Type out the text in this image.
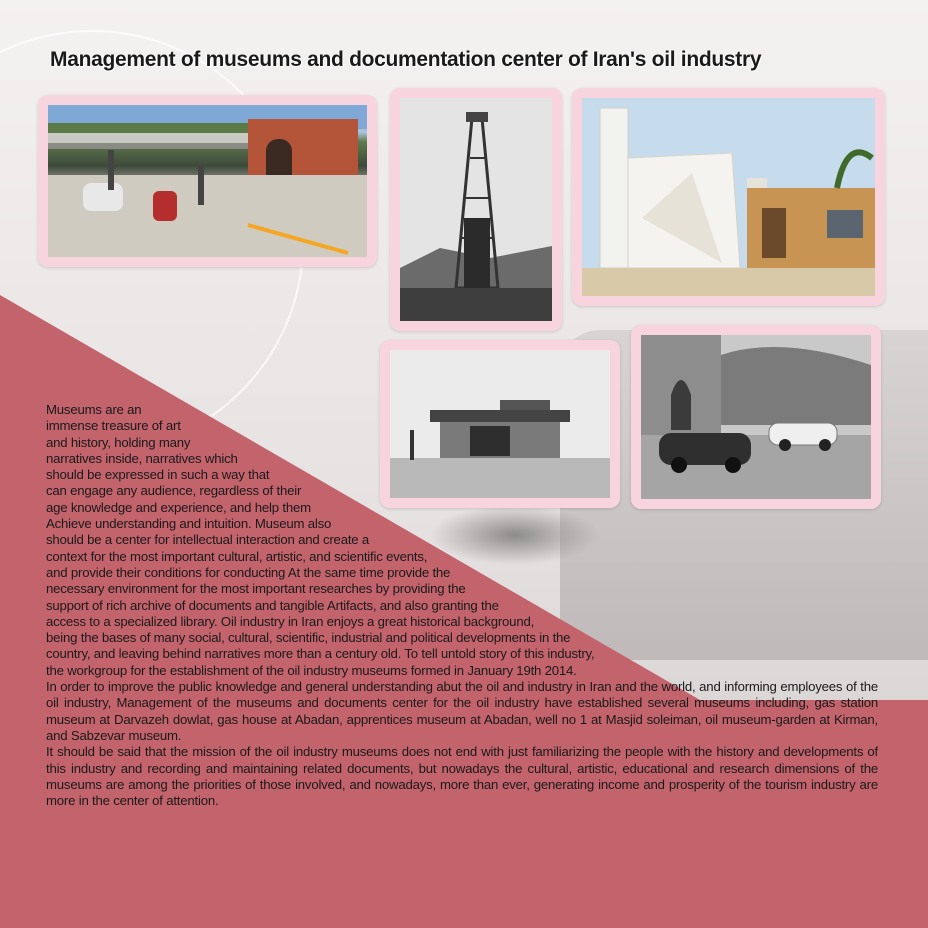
Management of museums and documentation center of Iran's oil industry
Museums are an
immense treasure of art
and history, holding many
narratives inside, narratives which
should be expressed in such a way that
can engage any audience, regardless of their
age knowledge and experience, and help them
Achieve understanding and intuition. Museum also
should be a center for intellectual interaction and create a
context for the most important cultural, artistic, and scientific events,
and provide their conditions for conducting At the same time provide the
necessary environment for the most important researches by providing the
support of rich archive of documents and tangible Artifacts, and also granting the
access to a specialized library. Oil industry in Iran enjoys a great historical background,
being the bases of many social, cultural, scientific, industrial and political developments in the
country, and leaving behind narratives more than a century old. To tell untold story of this industry,
the workgroup for the establishment of the oil industry museums formed in January 19th 2014.

In order to improve the public knowledge and general understanding abut the oil and industry in Iran and the world, and informing employees of the oil industry, Management of the museums and documents center for the oil industry have established several museums including, gas station museum at Darvazeh dowlat, gas house at Abadan, apprentices museum at Abadan, well no 1 at Masjid soleiman, oil museum-garden at Kirman, and Sabzevar museum.

It should be said that the mission of the oil industry museums does not end with just familiarizing the people with the history and developments of this industry and recording and maintaining related documents, but nowadays the cultural, artistic, educational and research dimensions of the museums are among the priorities of those involved, and nowadays, more than ever, generating income and prosperity of the tourism industry are more in the center of attention.
